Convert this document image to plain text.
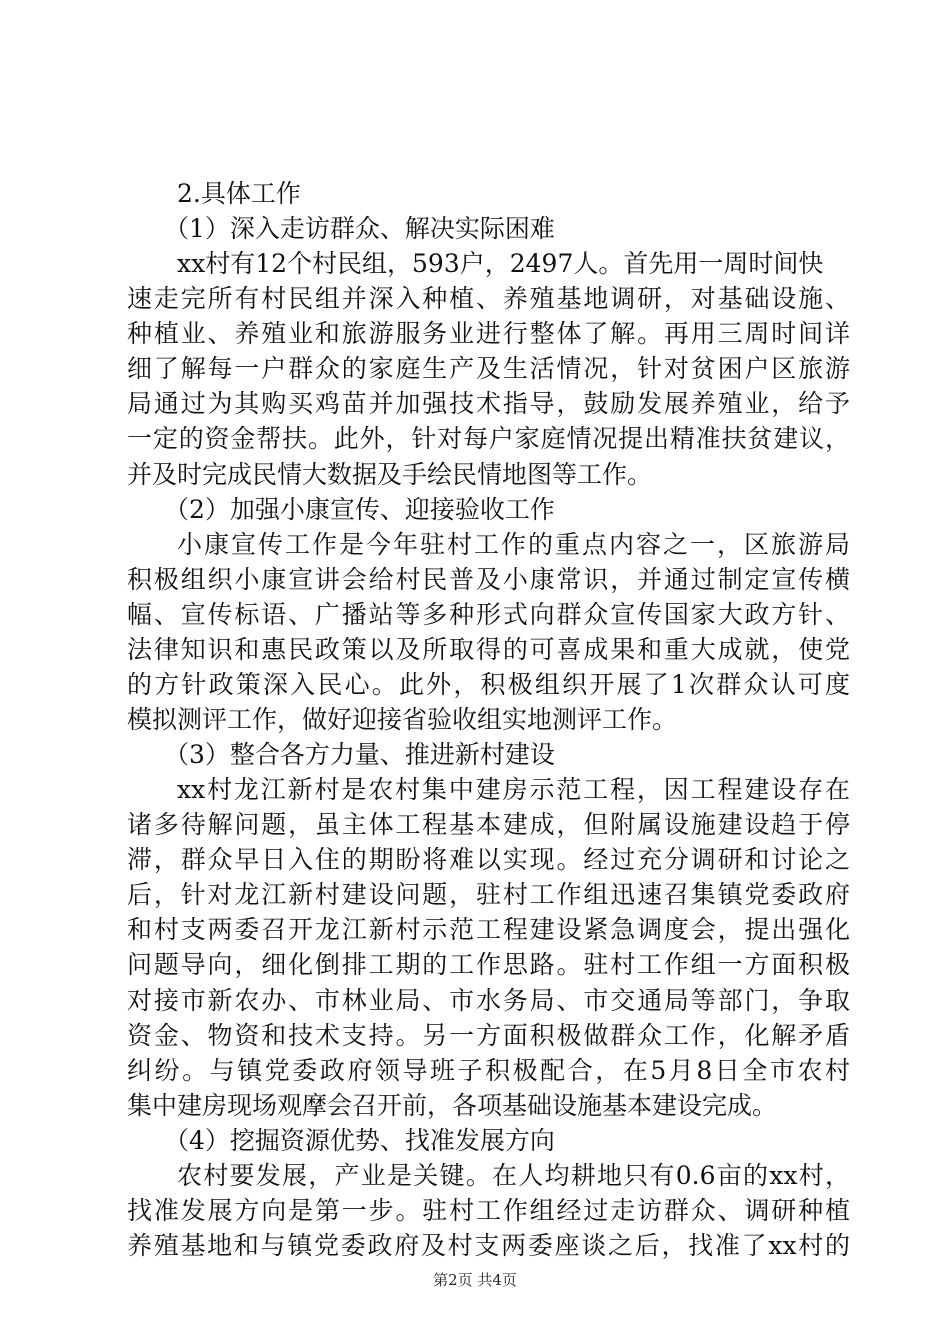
2.具体工作
（1）深入走访群众、解决实际困难
xx村有12个村民组，593户，2497人。首先用一周时间快
速走完所有村民组并深入种植、养殖基地调研，对基础设施、
种植业、养殖业和旅游服务业进行整体了解。再用三周时间详
细了解每一户群众的家庭生产及生活情况，针对贫困户区旅游
局通过为其购买鸡苗并加强技术指导，鼓励发展养殖业，给予
一定的资金帮扶。此外，针对每户家庭情况提出精准扶贫建议，
并及时完成民情大数据及手绘民情地图等工作。
（2）加强小康宣传、迎接验收工作
小康宣传工作是今年驻村工作的重点内容之一，区旅游局
积极组织小康宣讲会给村民普及小康常识，并通过制定宣传横
幅、宣传标语、广播站等多种形式向群众宣传国家大政方针、
法律知识和惠民政策以及所取得的可喜成果和重大成就，使党
的方针政策深入民心。此外，积极组织开展了1次群众认可度
模拟测评工作，做好迎接省验收组实地测评工作。
（3）整合各方力量、推进新村建设
xx村龙江新村是农村集中建房示范工程，因工程建设存在
诸多待解问题，虽主体工程基本建成，但附属设施建设趋于停
滞，群众早日入住的期盼将难以实现。经过充分调研和讨论之
后，针对龙江新村建设问题，驻村工作组迅速召集镇党委政府
和村支两委召开龙江新村示范工程建设紧急调度会，提出强化
问题导向，细化倒排工期的工作思路。驻村工作组一方面积极
对接市新农办、市林业局、市水务局、市交通局等部门，争取
资金、物资和技术支持。另一方面积极做群众工作，化解矛盾
纠纷。与镇党委政府领导班子积极配合，在5月8日全市农村
集中建房现场观摩会召开前，各项基础设施基本建设完成。
（4）挖掘资源优势、找准发展方向
农村要发展，产业是关键。在人均耕地只有0.6亩的xx村，
找准发展方向是第一步。驻村工作组经过走访群众、调研种植
养殖基地和与镇党委政府及村支两委座谈之后，找准了xx村的
第2页 共4页
